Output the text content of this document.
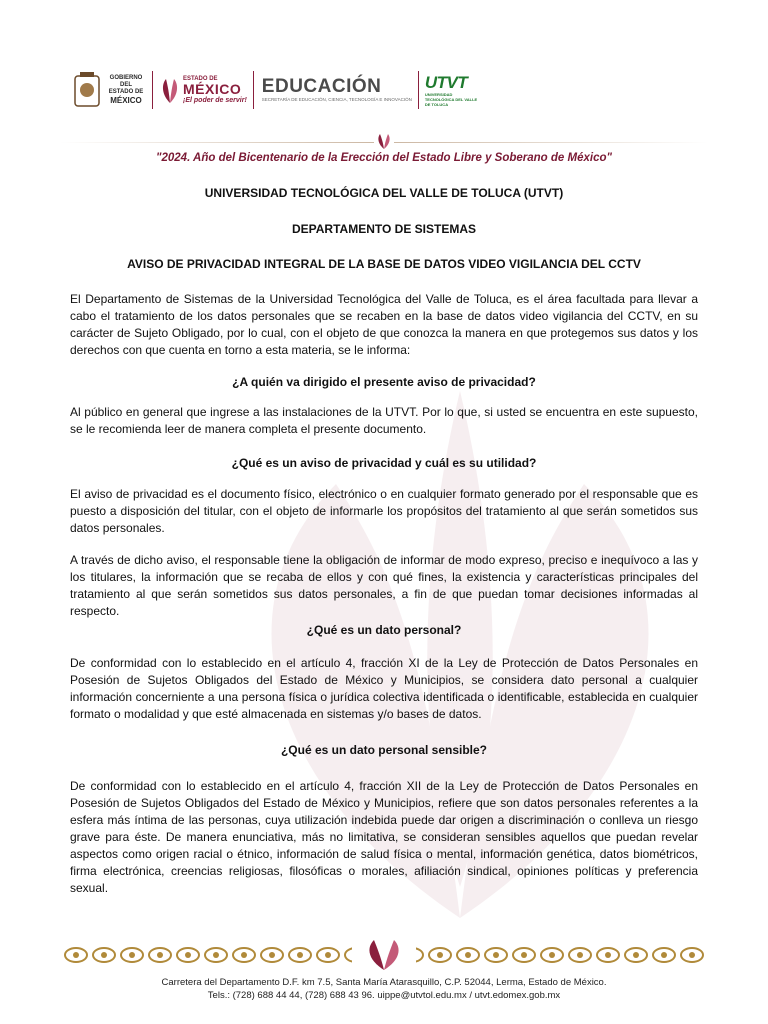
GOBIERNO DEL
ESTADO DE
MÉXICO
ESTADO DE
MÉXICO
¡El poder de servir!
EDUCACIÓN
SECRETARÍA DE EDUCACIÓN, CIENCIA, TECNOLOGÍA E INNOVACIÓN
UTVT
UNIVERSIDAD TECNOLÓGICA DEL VALLE DE TOLUCA
"2024. Año del Bicentenario de la Erección del Estado Libre y Soberano de México"

UNIVERSIDAD TECNOLÓGICA DEL VALLE DE TOLUCA (UTVT)

DEPARTAMENTO DE SISTEMAS

AVISO DE PRIVACIDAD INTEGRAL DE LA BASE DE DATOS VIDEO VIGILANCIA DEL CCTV

El Departamento de Sistemas de la Universidad Tecnológica del Valle de Toluca, es el área facultada para llevar a cabo el tratamiento de los datos personales que se recaben en la base de datos video vigilancia del CCTV, en su carácter de Sujeto Obligado, por lo cual, con el objeto de que conozca la manera en que protegemos sus datos y los derechos con que cuenta en torno a esta materia, se le informa:

¿A quién va dirigido el presente aviso de privacidad?

Al público en general que ingrese a las instalaciones de la UTVT. Por lo que, si usted se encuentra en este supuesto, se le recomienda leer de manera completa el presente documento.

¿Qué es un aviso de privacidad y cuál es su utilidad?

El aviso de privacidad es el documento físico, electrónico o en cualquier formato generado por el responsable que es puesto a disposición del titular, con el objeto de informarle los propósitos del tratamiento al que serán sometidos sus datos personales.

A través de dicho aviso, el responsable tiene la obligación de informar de modo expreso, preciso e inequívoco a las y los titulares, la información que se recaba de ellos y con qué fines, la existencia y características principales del tratamiento al que serán sometidos sus datos personales, a fin de que puedan tomar decisiones informadas al respecto.

¿Qué es un dato personal?

De conformidad con lo establecido en el artículo 4, fracción XI de la Ley de Protección de Datos Personales en Posesión de Sujetos Obligados del Estado de México y Municipios, se considera dato personal a cualquier información concerniente a una persona física o jurídica colectiva identificada o identificable, establecida en cualquier formato o modalidad y que esté almacenada en sistemas y/o bases de datos.

¿Qué es un dato personal sensible?

De conformidad con lo establecido en el artículo 4, fracción XII de la Ley de Protección de Datos Personales en Posesión de Sujetos Obligados del Estado de México y Municipios, refiere que son datos personales referentes a la esfera más íntima de las personas, cuya utilización indebida puede dar origen a discriminación o conlleva un riesgo grave para éste. De manera enunciativa, más no limitativa, se consideran sensibles aquellos que puedan revelar aspectos como origen racial o étnico, información de salud física o mental, información genética, datos biométricos, firma electrónica, creencias religiosas, filosóficas o morales, afiliación sindical, opiniones políticas y preferencia sexual.

Carretera del Departamento D.F. km 7.5, Santa María Atarasquillo, C.P. 52044, Lerma, Estado de México.
Tels.: (728) 688 44 44, (728) 688 43 96. uippe@utvtol.edu.mx / utvt.edomex.gob.mx
